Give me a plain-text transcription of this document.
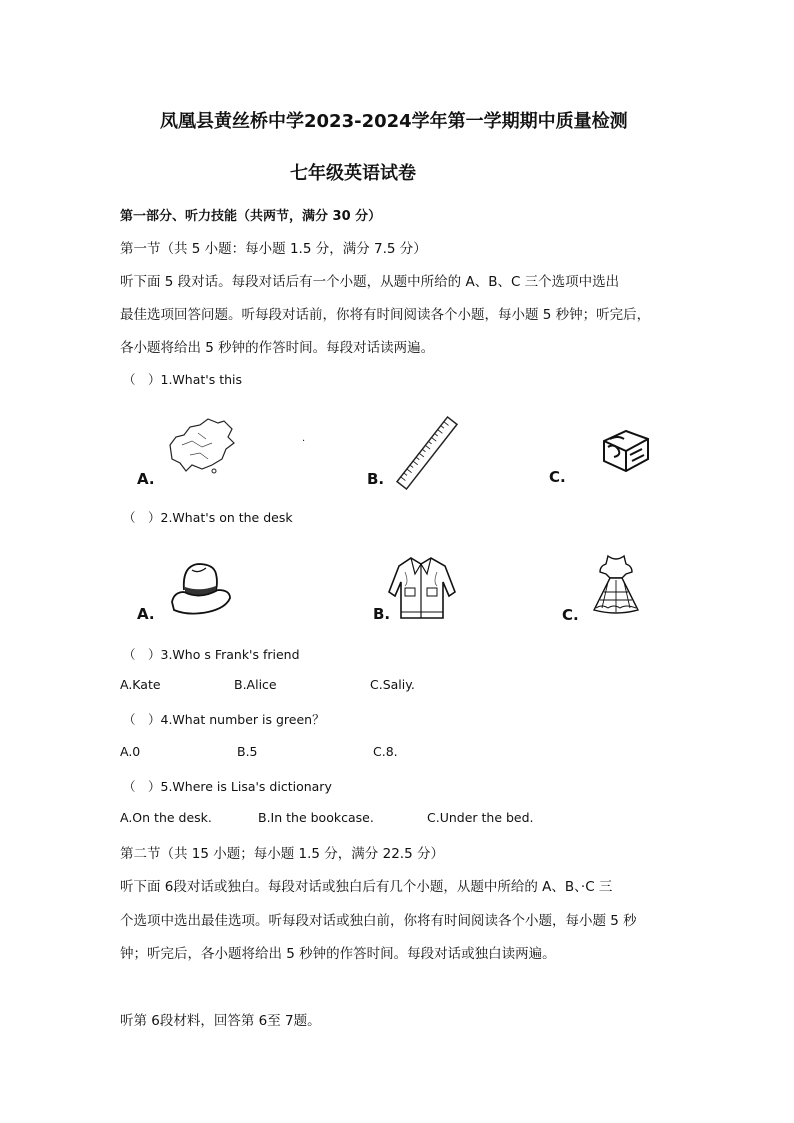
凤凰县黄丝桥中学2023-2024学年第一学期期中质量检测
七年级英语试卷
第一部分、听力技能（共两节，满分 30 分）
第一节（共 5 小题：每小题 1.5 分，满分 7.5 分）
听下面 5 段对话。每段对话后有一个小题，从题中所给的 A、B、C 三个选项中选出
最佳选项回答问题。听每段对话前，你将有时间阅读各个小题，每小题 5 秒钟；听完后，
各小题将给出 5 秒钟的作答时间。每段对话读两遍。
（　）1.What's this
A.
·
B.	C.
（　）2.What's on the desk
A.	B.	C.
（　）3.Who s Frank's friend
A.Kate	B.Alice	C.Saliy.
（　）4.What number is green？
A.0	B.5	C.8.
（　）5.Where is Lisa's dictionary
A.On the desk.	B.In the bookcase.	C.Under the bed.
第二节（共 15 小题；每小题 1.5 分，满分 22.5 分）
听下面 6段对话或独白。每段对话或独白后有几个小题，从题中所给的 A、B、·C 三
个选项中选出最佳选项。听每段对话或独白前，你将有时间阅读各个小题，每小题 5 秒
钟；听完后，各小题将给出 5 秒钟的作答时间。每段对话或独白读两遍。
听第 6段材料，回答第 6至 7题。
